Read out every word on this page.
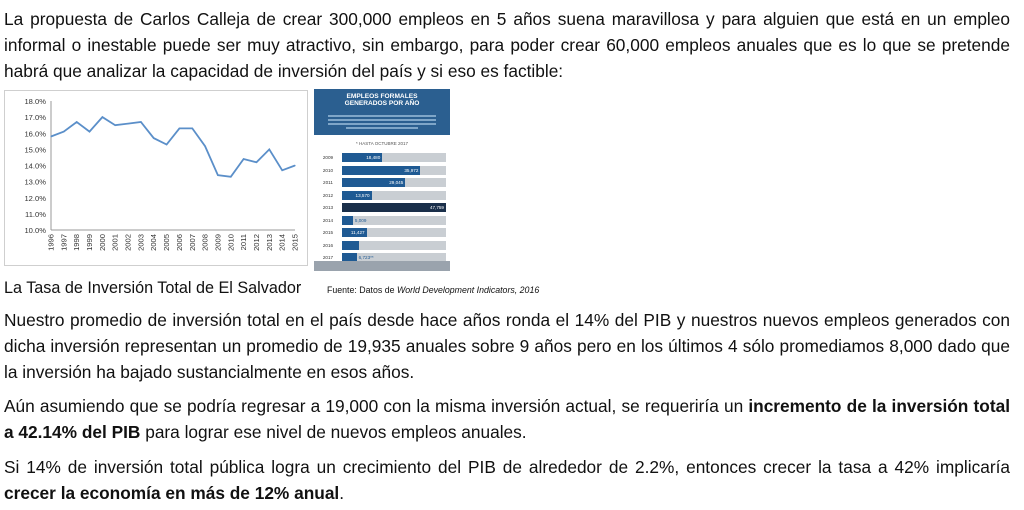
La propuesta de Carlos Calleja de crear 300,000 empleos en 5 años suena maravillosa y para alguien que está en un empleo informal o inestable puede ser muy atractivo, sin embargo, para poder crear 60,000 empleos anuales que es lo que se pretende habrá que analizar la capacidad de inversión del país y si eso es factible:

18.0%
17.0%
16.0%
15.0%
14.0%
13.0%
12.0%
11.0%
10.0%
1996 1997 1998 1999 2000 2001 2002 2003 2004 2005 2006 2007 2008 2009 2010 2011 2012 2013 2014 2015
EMPLEOS FORMALES
GENERADOS POR AÑO
* HASTA OCTUBRE 2017
2009	18,480
2010	35,972
2011	29,045
2012	13,570
2013	47,759
2014	5,009
2015	11,427
2016
2017	6,723**
La Tasa de Inversión Total de El Salvador	Fuente: Datos de World Development Indicators, 2016

Nuestro promedio de inversión total en el país desde hace años ronda el 14% del PIB y nuestros nuevos empleos generados con dicha inversión representan un promedio de 19,935 anuales sobre 9 años pero en los últimos 4 sólo promediamos 8,000 dado que la inversión ha bajado sustancialmente en esos años.

Aún asumiendo que se podría regresar a 19,000 con la misma inversión actual, se requeriría un incremento de la inversión total a 42.14% del PIB para lograr ese nivel de nuevos empleos anuales.

Si 14% de inversión total pública logra un crecimiento del PIB de alrededor de 2.2%, entonces crecer la tasa a 42% implicaría crecer la economía en más de 12% anual.
